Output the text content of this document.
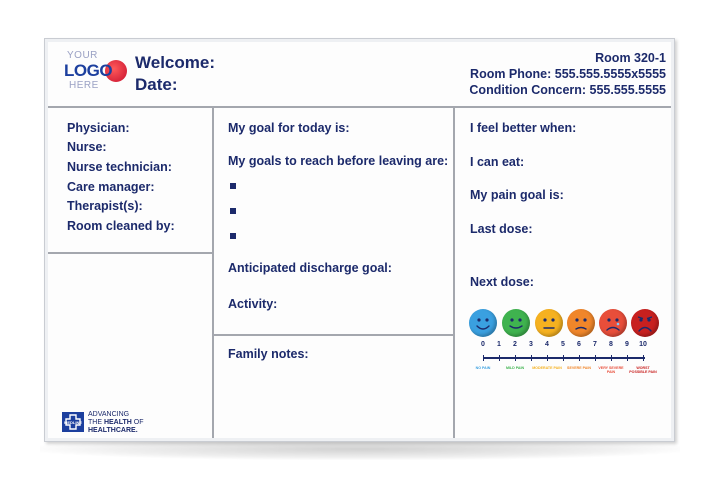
YOUR
LOGO
HERE
Welcome:
Date:
Room 320-1
Room Phone: 555.555.5555x5555
Condition Concern: 555.555.5555
Physician:
Nurse:
Nurse technician:
Care manager:
Therapist(s):
Room cleaned by:
My goal for today is:
My goals to reach before leaving are:
Anticipated discharge goal:
Activity:
Family notes:
I feel better when:
I can eat:
My pain goal is:
Last dose:
Next dose:
0	1	2	3	4	5	6	7	8	9	10
NO PAIN	MILD PAIN	MODERATE PAIN	SEVERE PAIN	VERY SEVERE PAIN
WORST POSSIBLE PAIN
MEDLINE
ADVANCING
THE HEALTH OF
HEALTHCARE.
